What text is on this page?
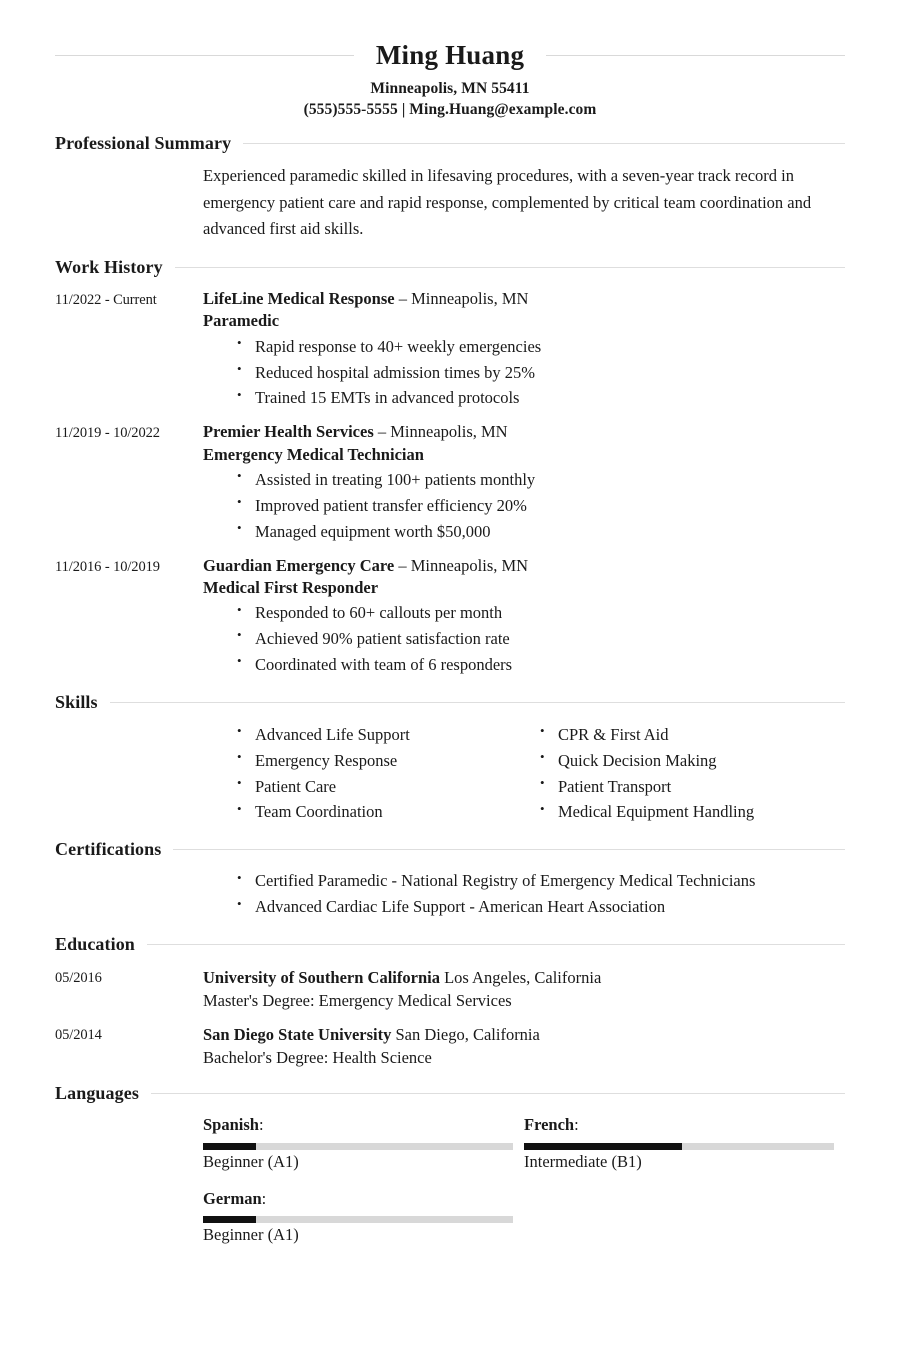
Ming Huang
Minneapolis, MN 55411
(555)555-5555 | Ming.Huang@example.com
Professional Summary
Experienced paramedic skilled in lifesaving procedures, with a seven-year track record in emergency patient care and rapid response, complemented by critical team coordination and advanced first aid skills.
Work History
11/2022 - Current	LifeLine Medical Response – Minneapolis, MN
Paramedic
• Rapid response to 40+ weekly emergencies
• Reduced hospital admission times by 25%
• Trained 15 EMTs in advanced protocols
11/2019 - 10/2022	Premier Health Services – Minneapolis, MN
Emergency Medical Technician
• Assisted in treating 100+ patients monthly
• Improved patient transfer efficiency 20%
• Managed equipment worth $50,000
11/2016 - 10/2019	Guardian Emergency Care – Minneapolis, MN
Medical First Responder
• Responded to 60+ callouts per month
• Achieved 90% patient satisfaction rate
• Coordinated with team of 6 responders
Skills
• Advanced Life Support
• Emergency Response
• Patient Care
• Team Coordination
• CPR & First Aid
• Quick Decision Making
• Patient Transport
• Medical Equipment Handling
Certifications
• Certified Paramedic - National Registry of Emergency Medical Technicians
• Advanced Cardiac Life Support - American Heart Association
Education
05/2016	University of Southern California Los Angeles, California
Master's Degree: Emergency Medical Services
05/2014	San Diego State University San Diego, California
Bachelor's Degree: Health Science
Languages
Spanish:
Beginner (A1)
German:
Beginner (A1)
French:
Intermediate (B1)
